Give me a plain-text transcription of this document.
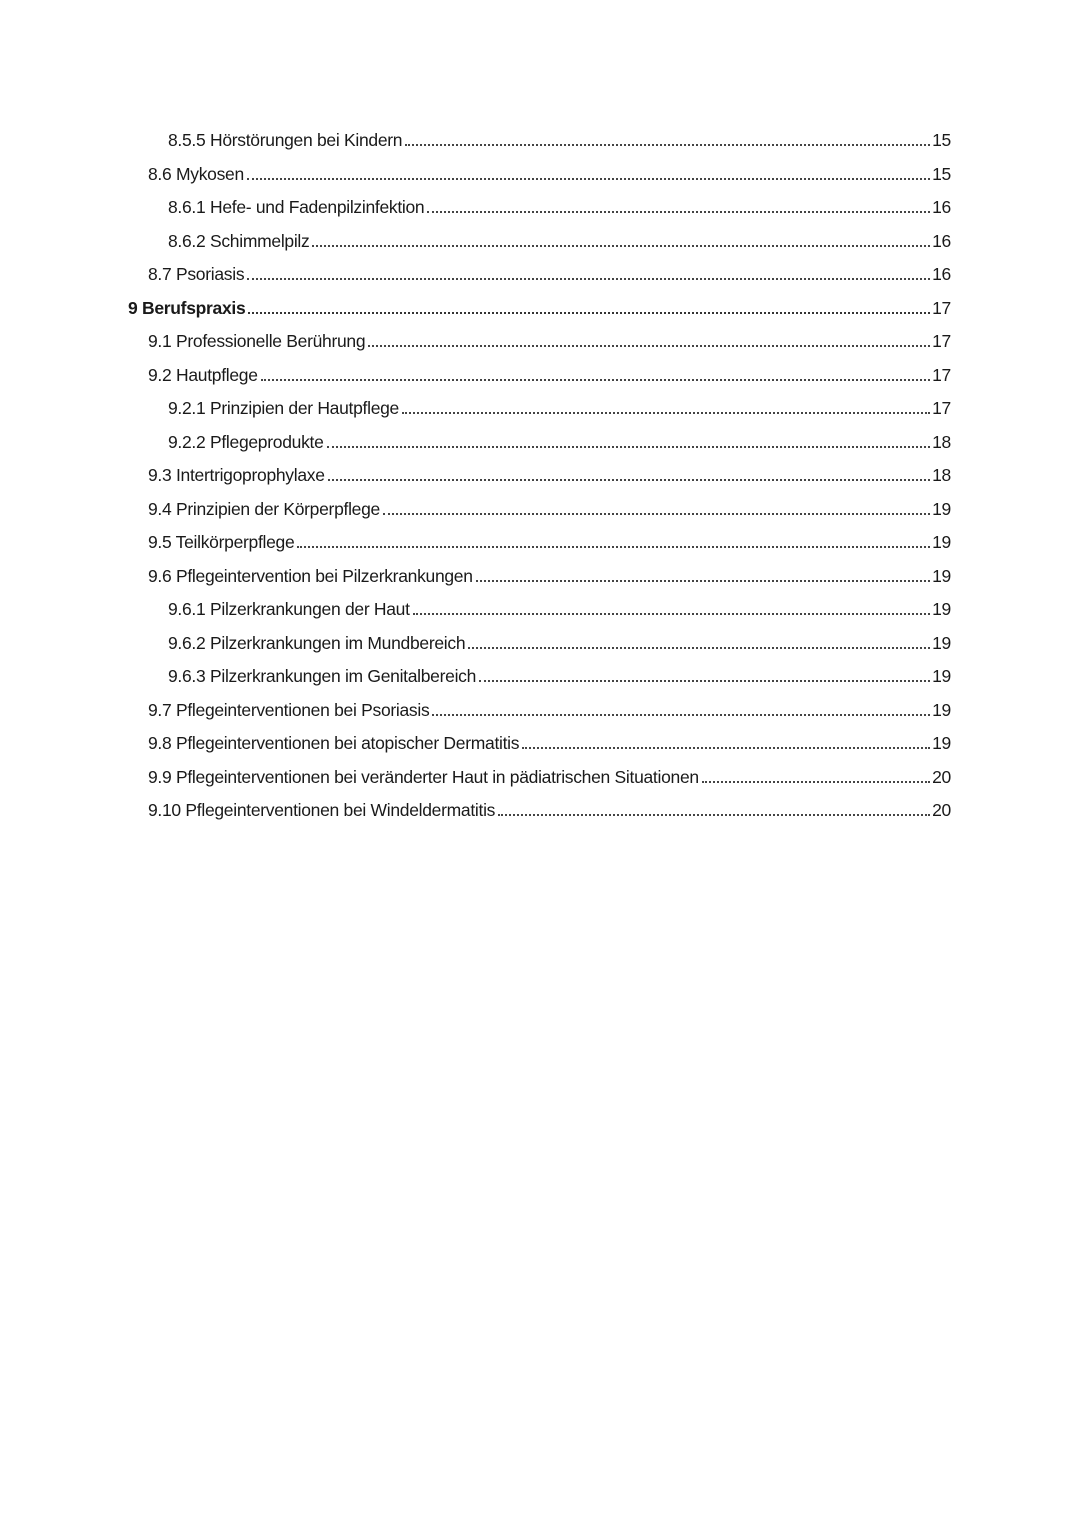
8.5.5 Hörstörungen bei Kindern	15
8.6 Mykosen	15
8.6.1 Hefe- und Fadenpilzinfektion	16
8.6.2 Schimmelpilz	16
8.7 Psoriasis	16
9 Berufspraxis	17
9.1 Professionelle Berührung	17
9.2 Hautpflege	17
9.2.1 Prinzipien der Hautpflege	17
9.2.2 Pflegeprodukte	18
9.3 Intertrigoprophylaxe	18
9.4 Prinzipien der Körperpflege	19
9.5 Teilkörperpflege	19
9.6 Pflegeintervention bei Pilzerkrankungen	19
9.6.1 Pilzerkrankungen der Haut	19
9.6.2 Pilzerkrankungen im Mundbereich	19
9.6.3 Pilzerkrankungen im Genitalbereich	19
9.7 Pflegeinterventionen bei Psoriasis	19
9.8 Pflegeinterventionen bei atopischer Dermatitis	19
9.9 Pflegeinterventionen bei veränderter Haut in pädiatrischen Situationen	20
9.10 Pflegeinterventionen bei Windeldermatitis	20
